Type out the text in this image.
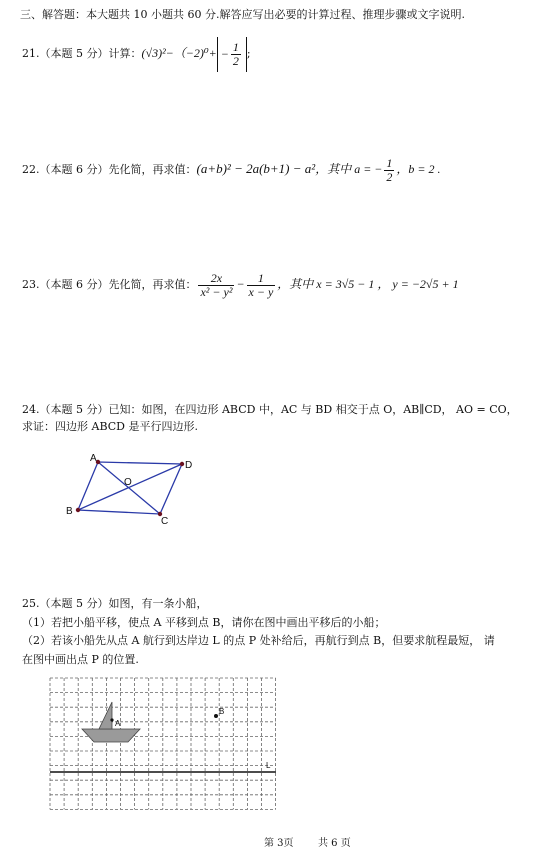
三、解答题：本大题共 10 小题共 60 分.解答应写出必要的计算过程、推理步骤或文字说明.
21.（本题 5 分）计算：$(√3)^2-(-2)^0+ - \frac{1}{2}$ ;
22.（本题 6 分）先化简，再求值：(a+b)² − 2a(b+1) − a²，其中 a = − $\frac{1}{2}$ ，b = 2 .
23.（本题 6 分）先化简，再求值： $\frac{2x}{\text{x² − y²}} - \frac{1}{x - y}$ ，其中 x = 3√5 − 1 ， y = −2√5 + 1
24.（本题 5 分）已知：如图，在四边形 ABCD 中，AC 与 BD 相交于点 O，AB∥CD， AO = CO，
求证：四边形 ABCD 是平行四边形.
A
D
B
C
O
25.（本题 5 分）如图，有一条小船，
（1）若把小船平移，使点 A 平移到点 B，请你在图中画出平移后的小船；
（2）若该小船先从点 A 航行到达岸边 L 的点 P 处补给后，再航行到点 B，但要求航程最短， 请
在图中画出点 P 的位置.
A
B
L
第 3页 共 6 页
